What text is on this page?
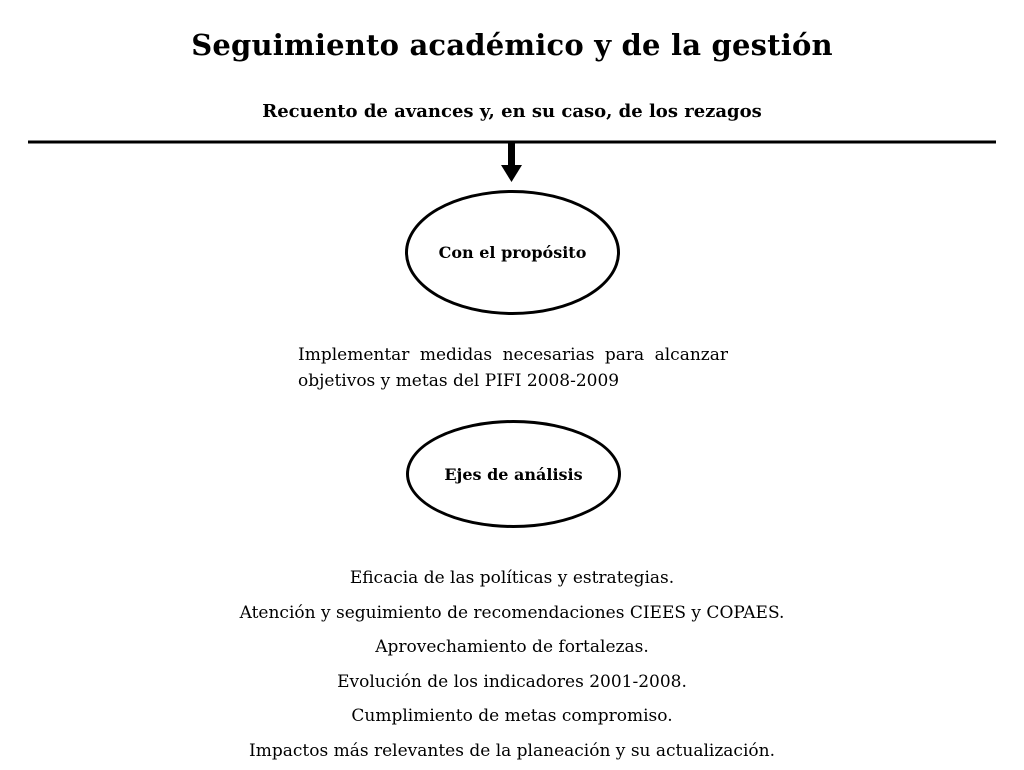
Seguimiento académico y de la gestión
Recuento de avances y, en su caso, de los rezagos
Con el propósito
Implementar medidas necesarias para alcanzar objetivos y metas del PIFI 2008-2009
Ejes de análisis
Eficacia de las políticas y estrategias.
Atención y seguimiento de recomendaciones CIEES y COPAES.
Aprovechamiento de fortalezas.
Evolución de los indicadores 2001-2008.
Cumplimiento de metas compromiso.
Impactos más relevantes de la planeación y su actualización.
